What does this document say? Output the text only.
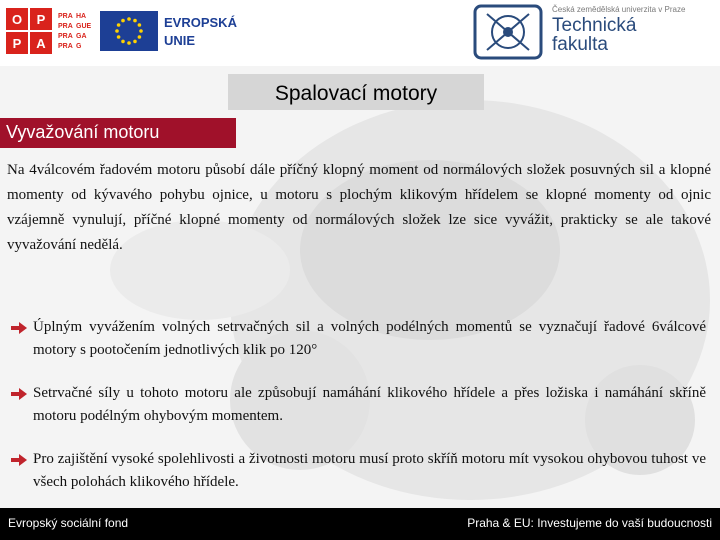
O	P
P	A
PRA
PRA
PRA
PRA
HA
GUE
GA
G
EVROPSKÁ
UNIE
Česká zemědělská univerzita v Praze
Technická
fakulta
Spalovací motory
Vyvažování motoru
Na 4válcovém řadovém motoru působí dále příčný klopný moment od normálových složek posuvných sil a klopné momenty od kývavého pohybu ojnice, u motoru s plochým klikovým hřídelem se klopné momenty od ojnic vzájemně vynulují, příčné klopné momenty od normálových složek lze sice vyvážit, prakticky se ale takové vyvažování nedělá.
Úplným vyvážením volných setrvačných sil a volných podélných momentů se vyznačují řadové 6válcové motory s pootočením jednotlivých klik po 120°
Setrvačné síly u tohoto motoru ale způsobují namáhání klikového hřídele a přes ložiska i namáhání skříně motoru podélným ohybovým momentem.
Pro zajištění vysoké spolehlivosti a životnosti motoru musí proto skříň motoru mít vysokou ohybovou tuhost ve všech polohách klikového hřídele.
Evropský sociální fond	Praha & EU: Investujeme do vaší budoucnosti
